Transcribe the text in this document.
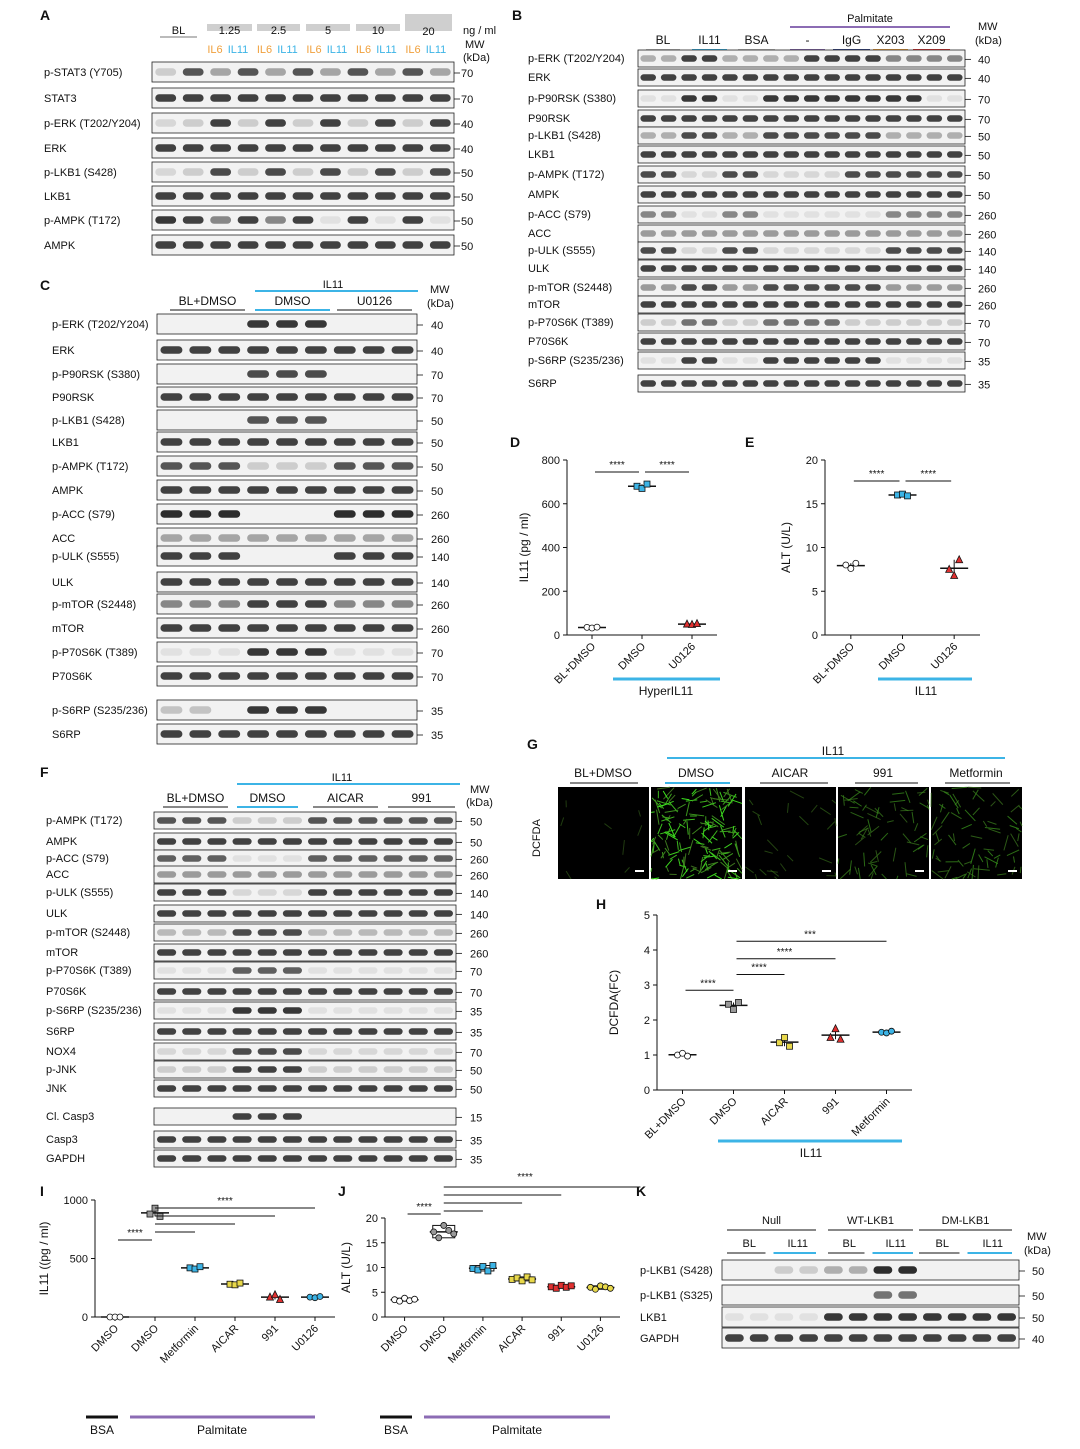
A
BL	1.25	2.5	5	10	20	ng / ml
MW
(kDa)
IL6 IL11 IL6 IL11 IL6 IL11 IL6 IL11 IL6 IL11
p-STAT3 (Y705)	70
STAT3	70
p-ERK (T202/Y204)	40
ERK	40
p-LKB1 (S428)	50
LKB1	50
p-AMPK (T172)	50
AMPK	50
B	Palmitate
BL IL11 BSA	-	IgG X203 X209
MW
(kDa)
p-ERK (T202/Y204)	40
ERK	40
p-P90RSK (S380)	70
P90RSK	70
p-LKB1 (S428)	50
LKB1	50
p-AMPK (T172)	50
AMPK	50
p-ACC (S79)	260
ACC	260
p-ULK (S555)	140
ULK	140
p-mTOR (S2448)	260
mTOR	260
p-P70S6K (T389)	70
P70S6K	70
p-S6RP (S235/236)	35
S6RP	35
C	IL11
BL+DMSO	DMSO	U0126
MW
(kDa)
p-ERK (T202/Y204)	40
ERK	40
p-P90RSK (S380)	70
P90RSK	70
p-LKB1 (S428)	50
LKB1	50
p-AMPK (T172)	50
AMPK	50
p-ACC (S79)	260
ACC	260
p-ULK (S555)	140
ULK	140
p-mTOR (S2448)	260
mTOR	260
p-P70S6K (T389)	70
P70S6K	70
p-S6RP (S235/236)	35
S6RP	35
F	IL11
BL+DMSO DMSO	AICAR	991
MW
(kDa)
p-AMPK (T172)	50
AMPK	50
p-ACC (S79)	260
ACC	260
p-ULK (S555)	140
ULK	140
p-mTOR (S2448)	260
mTOR	260
p-P70S6K (T389)	70
P70S6K	70
p-S6RP (S235/236)	35
S6RP	35
NOX4	70
p-JNK	50
JNK	50
Cl. Casp3	15
Casp3	35
GAPDH	35
G	IL11
DCFDA
BL+DMSO	DMSO	AICAR	991	Metformin
K
Null
BL	IL11
WT-LKB1
BL	IL11
DM-LKB1
BL	IL11
MW
(kDa)
p-LKB1 (S428)	50
p-LKB1 (S325)	50
LKB1	50
GAPDH	40
D
0
200
400
600
800
IL11 (pg / ml)
BL+DMSO DMSO U0126
****	****
HyperIL11
E
0
5
10
15
20
ALT (U/L)
BL+DMSO DMSO U0126
****	****
IL11
H
0
1
2
3
4
5
DCFDA(FC)
BL+DMSO DMSO AICAR	991 Metformin
****
****
****
***
IL11
I
0
500
1000
IL11 ((pg / ml)
DMSO DMSO
Metformin AICAR 991 U0126
****
****
BSA	Palmitate
J
0
5
10
15
20
ALT (U/L)
DMSO DMSO
Metformin AICAR 991 U0126
****
****
BSA	Palmitate
